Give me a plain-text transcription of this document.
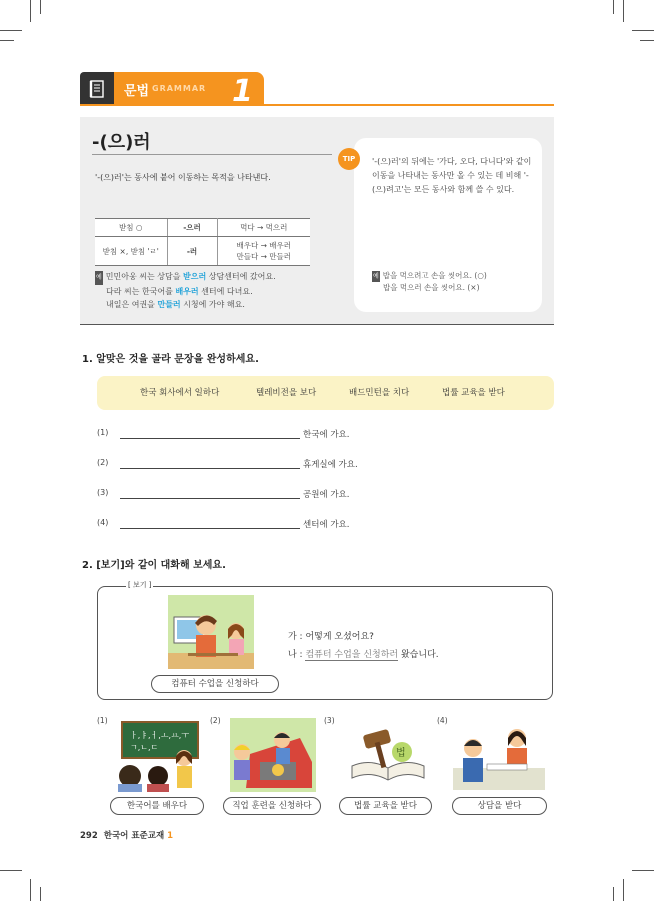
문법 GRAMMAR 1
-(으)러
'-(으)러'는 동사에 붙어 이동하는 목적을 나타낸다.
받침 ○	-으러	먹다 → 먹으러
받침 ×, 받침 'ㄹ'	-러	배우다 → 배우러
만들다 → 만들러
예 민민아웅 씨는 상담을 받으러 상담센터에 갔어요.
다라 씨는 한국어를 배우러 센터에 다녀요.
내일은 여권을 만들러 시청에 가야 해요.
TIP	'-(으)러'의 뒤에는 '가다, 오다, 다니다'와 같이 이동을 나타내는 동사만 올 수 있는 데 비해 '-(으)려고'는 모든 동사와 함께 쓸 수 있다.
예 밥을 먹으려고 손을 씻어요. (○)
밥을 먹으러 손을 씻어요. (×)
1. 알맞은 것을 골라 문장을 완성하세요.
한국 회사에서 일하다	텔레비전을 보다	배드민턴을 치다	법률 교육을 받다
(1)	한국에 가요.
(2)	휴게실에 가요.
(3)	공원에 가요.
(4)	센터에 가요.
2. [보기]와 같이 대화해 보세요.
[ 보기 ]
컴퓨터 수업을 신청하다
가 : 어떻게 오셨어요?
나 : 컴퓨터 수업을 신청하러 왔습니다.
(1)
ㅏ,ㅑ,ㅓ,ㅗ,ㅛ,ㅜ
ㄱ,ㄴ,ㄷ
한국어를 배우다
(2)
직업 훈련을 신청하다
(3)
법
법률 교육을 받다
(4)
상담을 받다
292 한국어 표준교재 1
